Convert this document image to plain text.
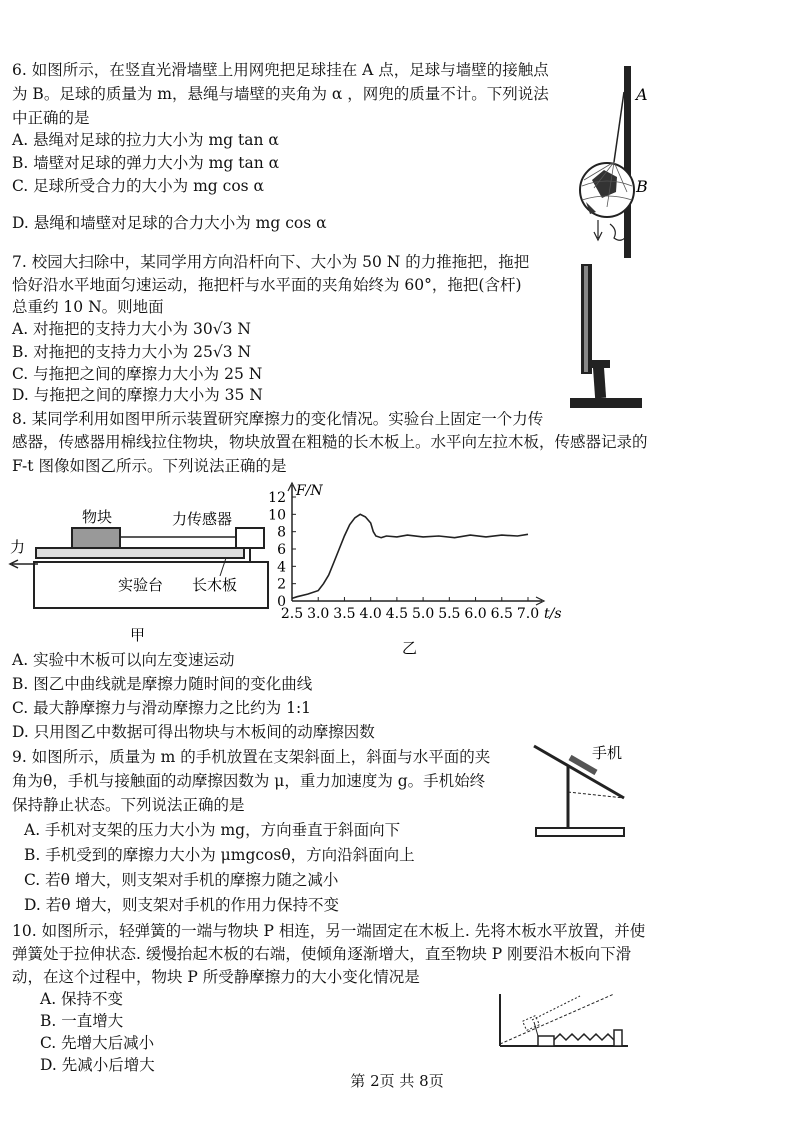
6. 如图所示，在竖直光滑墙壁上用网兜把足球挂在 A 点，足球与墙壁的接触点
为 B。足球的质量为 m，悬绳与墙壁的夹角为 α ，网兜的质量不计。下列说法
中正确的是
A. 悬绳对足球的拉力大小为 mg tan α
B. 墙壁对足球的弹力大小为 mg tan α
C. 足球所受合力的大小为 mg cos α
D. 悬绳和墙壁对足球的合力大小为 mg cos α
A
B
7. 校园大扫除中，某同学用方向沿杆向下、大小为 50 N 的力推拖把，拖把
恰好沿水平地面匀速运动，拖把杆与水平面的夹角始终为 60°，拖把(含杆)
总重约 10 N。则地面
A. 对拖把的支持力大小为 30√3 N
B. 对拖把的支持力大小为 25√3 N
C. 与拖把之间的摩擦力大小为 25 N
D. 与拖把之间的摩擦力大小为 35 N
8. 某同学利用如图甲所示装置研究摩擦力的变化情况。实验台上固定一个力传
感器，传感器用棉线拉住物块，物块放置在粗糙的长木板上。水平向左拉木板，传感器记录的
F-t 图像如图乙所示。下列说法正确的是
物块	力传感器
力
实验台 长木板
甲
0
2
4
6
8
10
12
2.5 3.0 3.5 4.0 4.5 5.0 5.5 6.0 6.5 7.0
F/N
t/s
乙
A. 实验中木板可以向左变速运动
B. 图乙中曲线就是摩擦力随时间的变化曲线
C. 最大静摩擦力与滑动摩擦力之比约为 1:1
D. 只用图乙中数据可得出物块与木板间的动摩擦因数
9. 如图所示，质量为 m 的手机放置在支架斜面上，斜面与水平面的夹
角为θ，手机与接触面的动摩擦因数为 μ，重力加速度为 g。手机始终
保持静止状态。下列说法正确的是
A. 手机对支架的压力大小为 mg，方向垂直于斜面向下
B. 手机受到的摩擦力大小为 μmgcosθ，方向沿斜面向上
C. 若θ 增大，则支架对手机的摩擦力随之减小
D. 若θ 增大，则支架对手机的作用力保持不变
手机
10. 如图所示，轻弹簧的一端与物块 P 相连，另一端固定在木板上. 先将木板水平放置，并使
弹簧处于拉伸状态. 缓慢抬起木板的右端，使倾角逐渐增大，直至物块 P 刚要沿木板向下滑
动，在这个过程中，物块 P 所受静摩擦力的大小变化情况是
A. 保持不变
B. 一直增大
C. 先增大后减小
D. 先减小后增大
第 2页 共 8页
